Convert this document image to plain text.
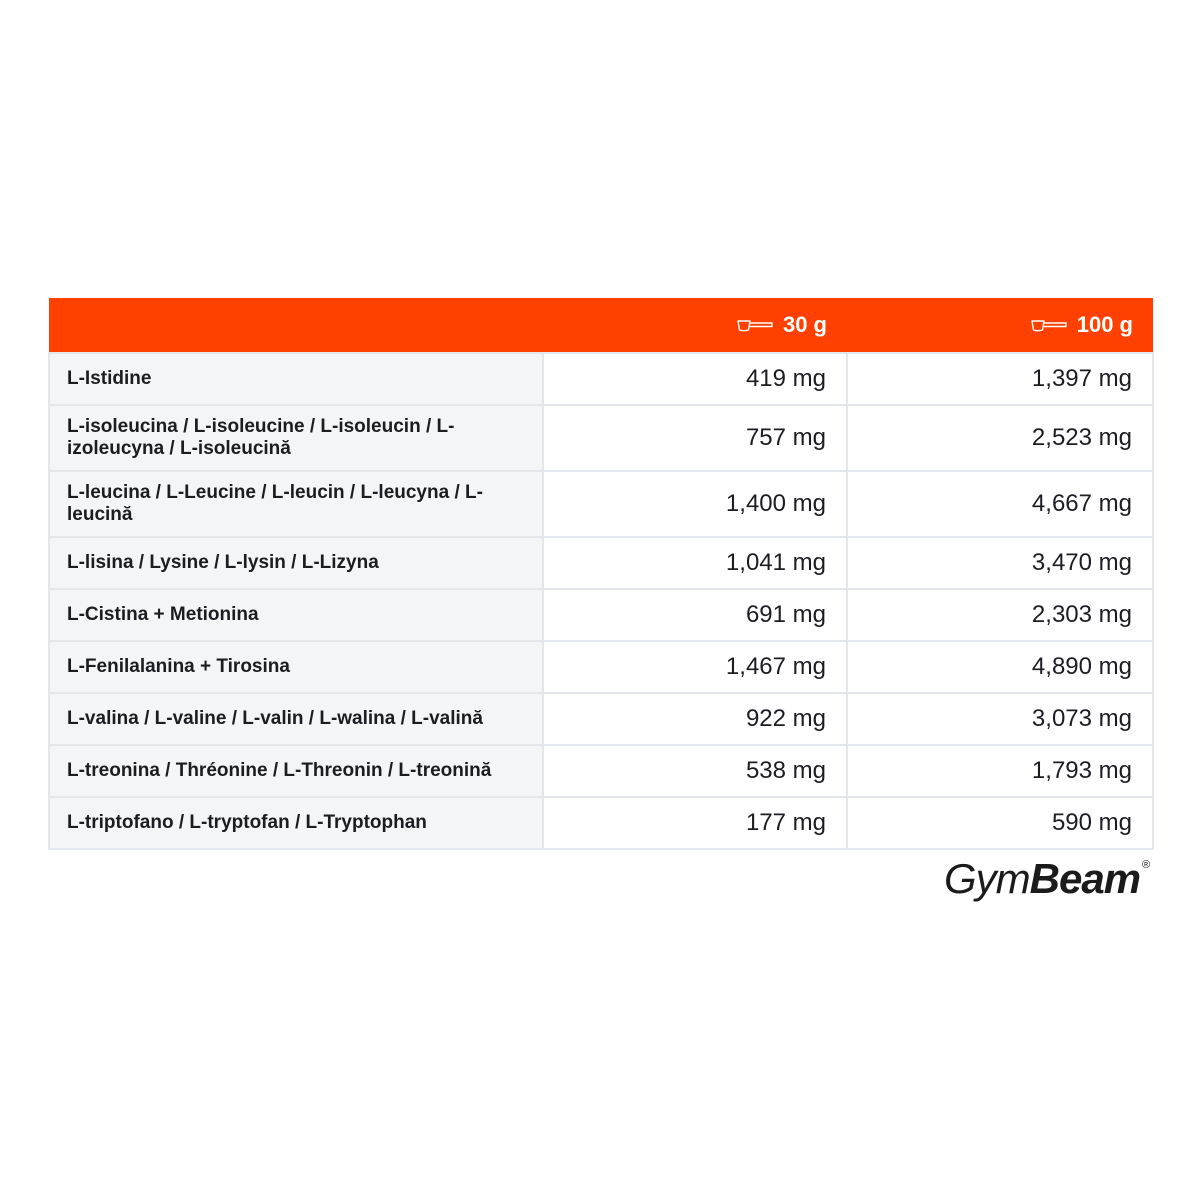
	30 g	100 g

L-Istidine	419 mg	1,397 mg
L-isoleucina / L-isoleucine / L-isoleucin / L-izoleucyna / L-isoleucină	757 mg	2,523 mg
L-leucina / L-Leucine / L-leucin / L-leucyna / L-leucină	1,400 mg	4,667 mg
L-lisina / Lysine / L-lysin / L-Lizyna	1,041 mg	3,470 mg
L-Cistina + Metionina	691 mg	2,303 mg
L-Fenilalanina + Tirosina	1,467 mg	4,890 mg
L-valina / L-valine / L-valin / L-walina / L-valină	922 mg	3,073 mg
L-treonina / Thréonine / L-Threonin / L-treonină	538 mg	1,793 mg
L-triptofano / L-tryptofan / L-Tryptophan	177 mg	590 mg
GymBeam ®
